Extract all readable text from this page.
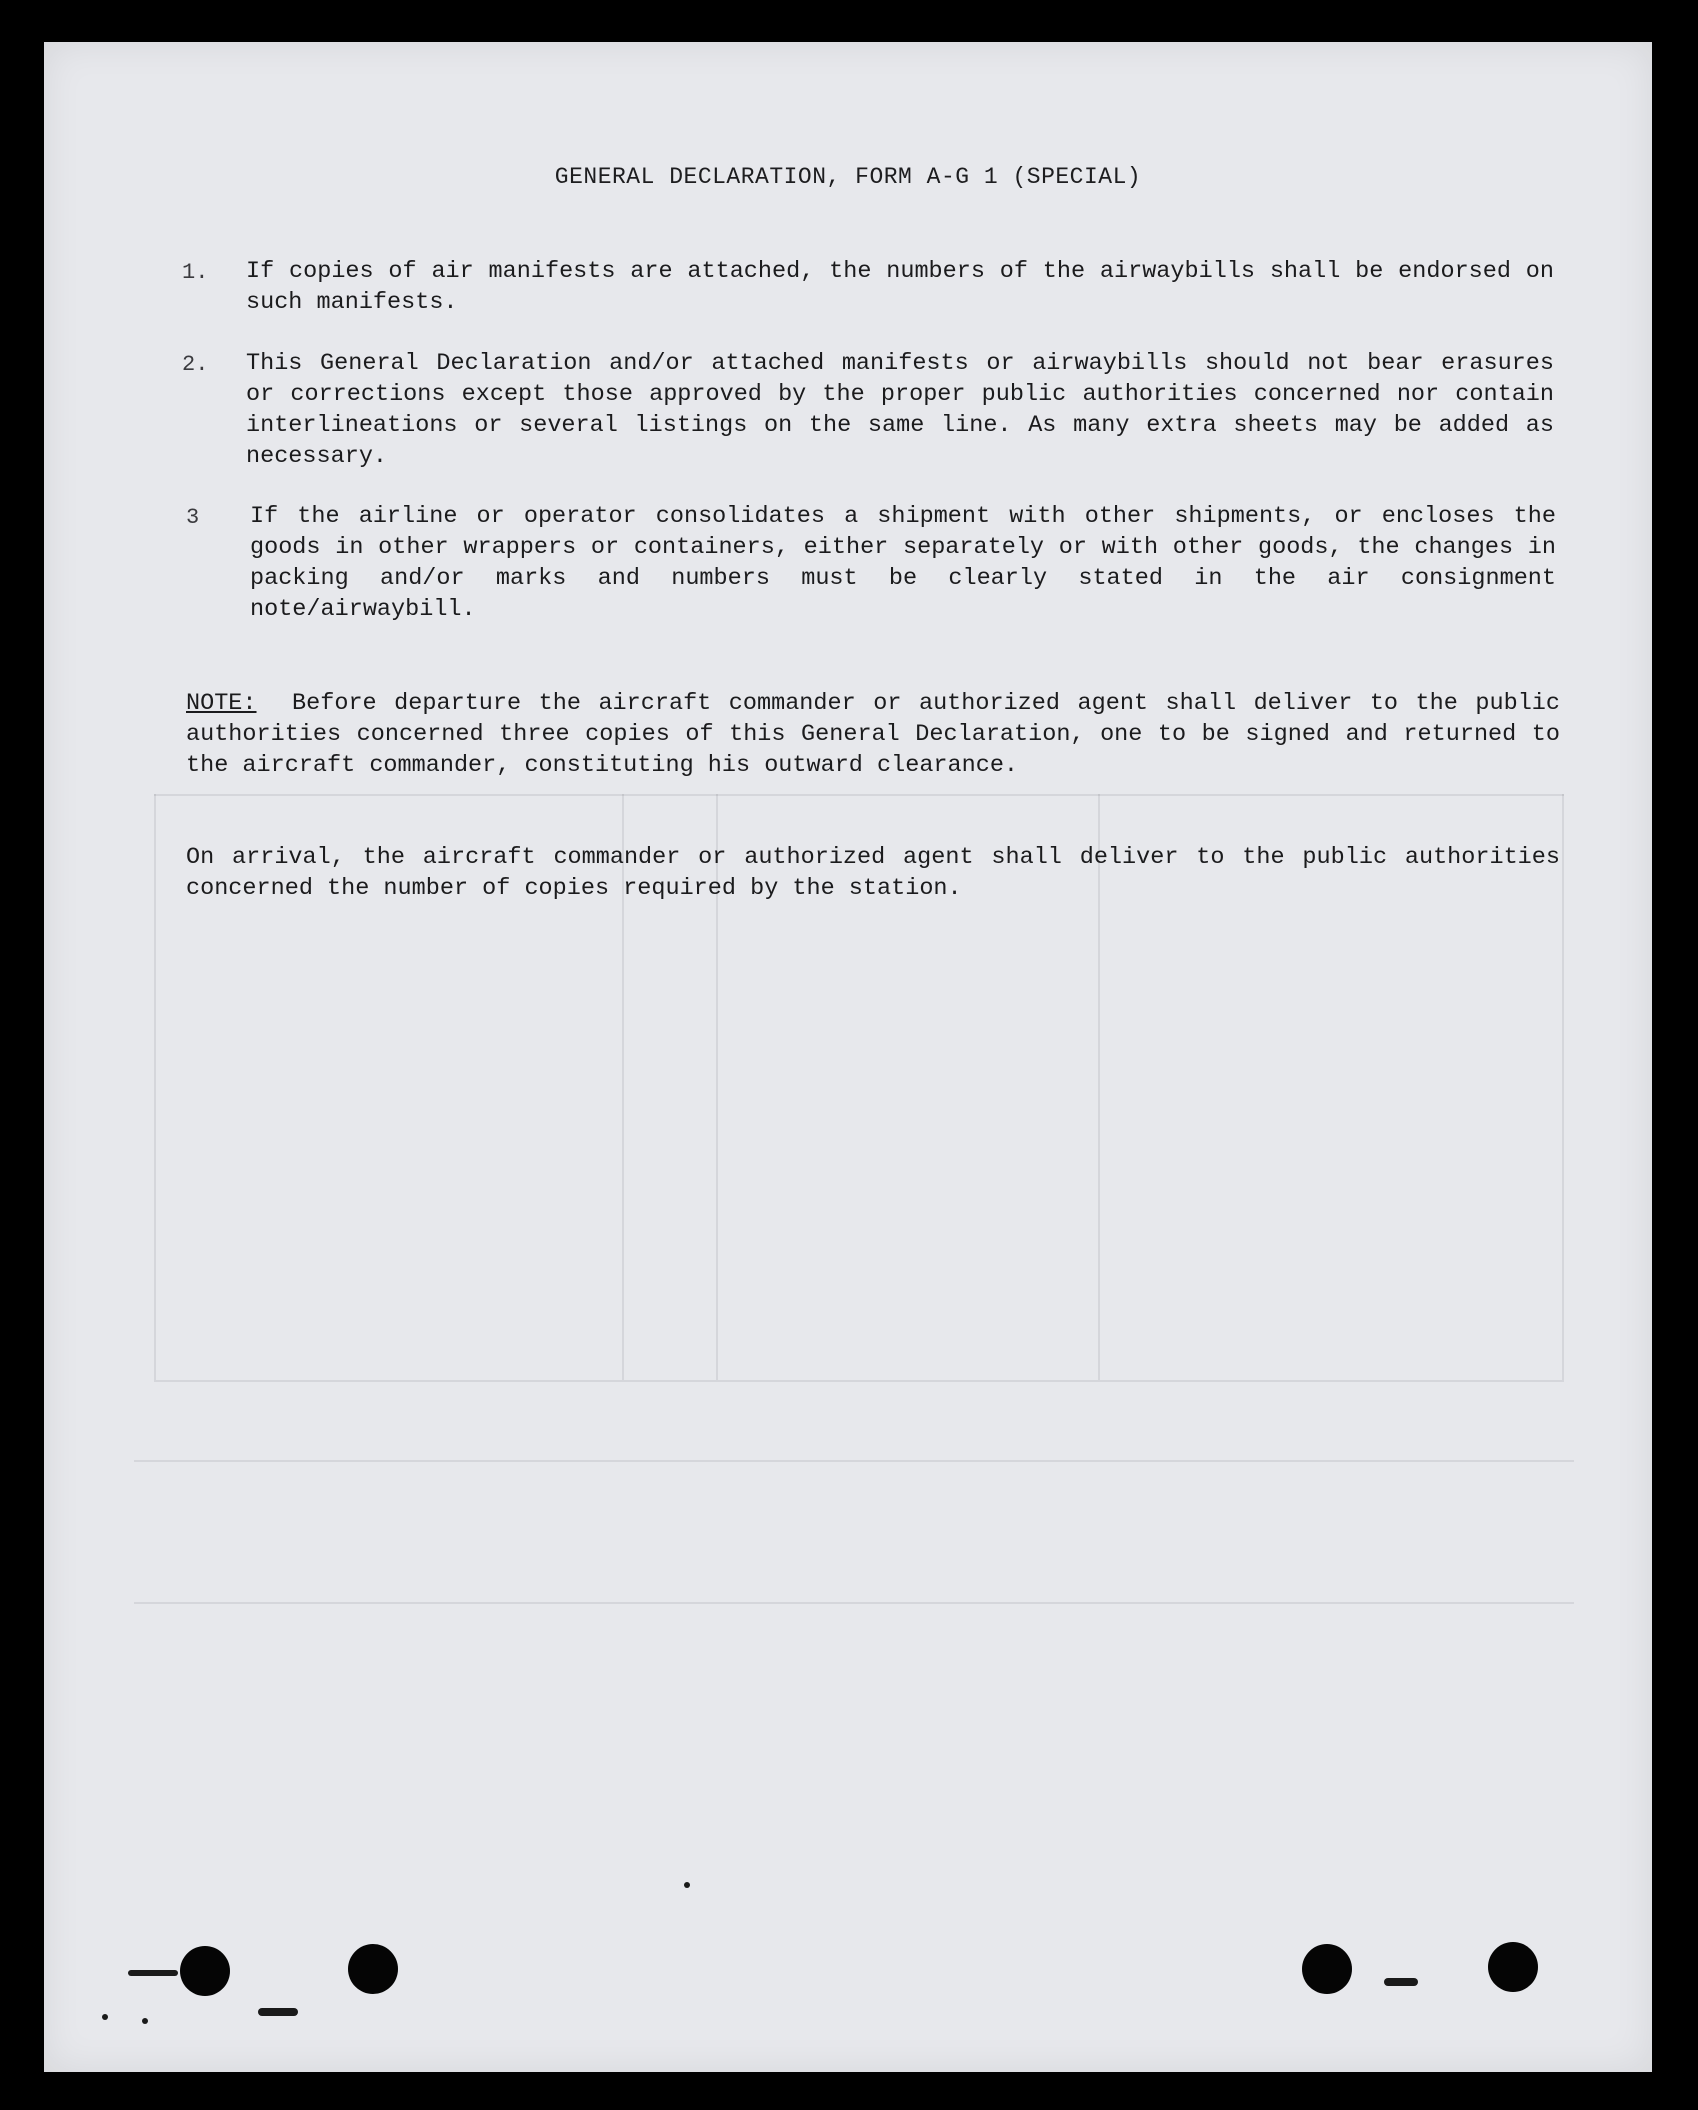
GENERAL DECLARATION, FORM A-G 1 (SPECIAL)
1. If copies of air manifests are attached, the numbers of the airwaybills shall be endorsed on such manifests.
2. This General Declaration and/or attached manifests or airwaybills should not bear erasures or corrections except those approved by the proper public authorities concerned nor contain interlineations or several listings on the same line. As many extra sheets may be added as necessary.
3 If the airline or operator consolidates a shipment with other shipments, or encloses the goods in other wrappers or containers, either separately or with other goods, the changes in packing and/or marks and numbers must be clearly stated in the air consignment note/airwaybill.
NOTE: Before departure the aircraft commander or authorized agent shall deliver to the public authorities concerned three copies of this General Declaration, one to be signed and returned to the aircraft commander, constituting his outward clearance.
On arrival, the aircraft commander or authorized agent shall deliver to the public authorities concerned the number of copies required by the station.
